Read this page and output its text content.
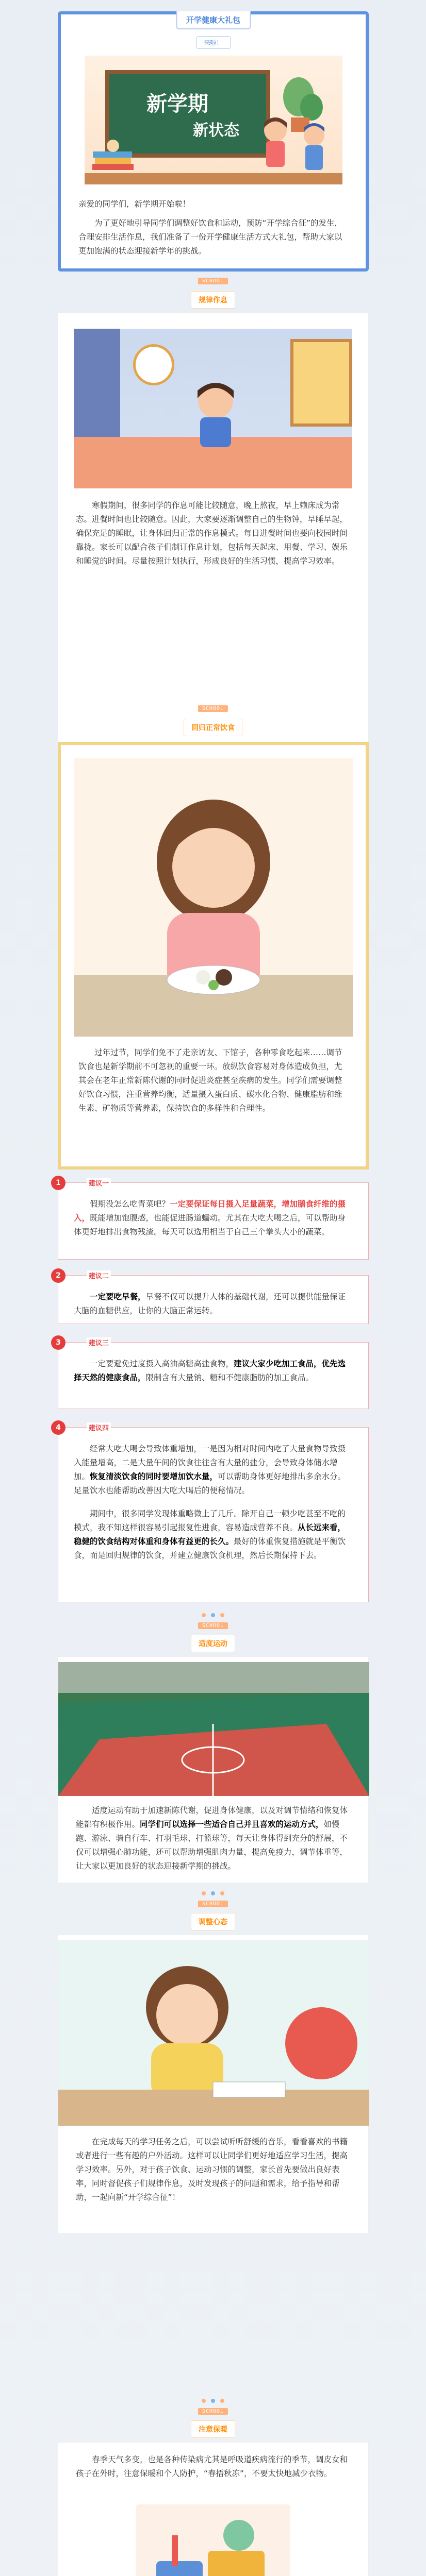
开学健康大礼包
来啦！
新学期
新状态
亲爱的同学们，新学期开始啦！
为了更好地引导同学们调整好饮食和运动，预防“开学综合征”的发生，合理安排生活作息，我们准备了一份开学健康生活方式大礼包，帮助大家以更加饱满的状态迎接新学年的挑战。
SCHOOL
规律作息
寒假期间，很多同学的作息可能比较随意，晚上熬夜，早上赖床成为常态。进餐时间也比较随意。因此，大家要逐渐调整自己的生物钟，早睡早起，确保充足的睡眠，让身体回归正常的作息模式。每日进餐时间也要向校园时间靠拢。家长可以配合孩子们制订作息计划，包括每天起床、用餐、学习、娱乐和睡觉的时间。尽量按照计划执行，形成良好的生活习惯，提高学习效率。
SCHOOL
回归正常饮食
过年过节，同学们免不了走亲访友、下馆子，各种零食吃起来……调节饮食也是新学期前不可忽视的重要一环。放纵饮食容易对身体造成负担，尤其会在老年正常新陈代谢的同时促进炎症甚至疾病的发生。同学们需要调整好饮食习惯，注重营养均衡，适量摄入蛋白质、碳水化合物、健康脂肪和维生素、矿物质等营养素，保持饮食的多样性和合理性。
1	建议一
假期没怎么吃青菜吧？一定要保证每日摄入足量蔬菜，增加膳食纤维的摄入，既能增加饱腹感，也能促进肠道蠕动。尤其在大吃大喝之后，可以帮助身体更好地排出食物残渣。每天可以选用相当于自己三个拳头大小的蔬菜。
2	建议二
一定要吃早餐，早餐不仅可以提升人体的基础代谢，还可以提供能量保证大脑的血糖供应，让你的大脑正常运转。
3	建议三
一定要避免过度摄入高油高糖高盐食物，建议大家少吃加工食品，优先选择天然的健康食品，限制含有大量钠、糖和不健康脂肪的加工食品。
4	建议四
经常大吃大喝会导致体重增加，一是因为相对时间内吃了大量食物导致摄入能量增高，二是大量午间的饮食往往含有大量的盐分，会导致身体储水增加。恢复清淡饮食的同时要增加饮水量，可以帮助身体更好地排出多余水分。足量饮水也能帮助改善因大吃大喝后的便秘情况。
期间中，很多同学发现体重略微上了几斤。除开自己一顿少吃甚至不吃的模式，我不知这样很容易引起报复性进食，容易造成营养不良。从长远来看，稳健的饮食结构对体重和身体有益更的长久。最好的体重恢复措施就是平衡饮食，而是回归规律的饮食，并建立健康饮食机理，然后长期保持下去。
SCHOOL
适度运动
适度运动有助于加速新陈代谢，促进身体健康，以及对调节情绪和恢复体能都有积极作用。同学们可以选择一些适合自己并且喜欢的运动方式，如慢跑、游泳、骑自行车、打羽毛球、打篮球等，每天让身体得到充分的舒展，不仅可以增强心肺功能，还可以帮助增强肌肉力量，提高免疫力，调节体重等，让大家以更加良好的状态迎接新学期的挑战。
SCHOOL
调整心态
在完成每天的学习任务之后，可以尝试听听舒缓的音乐，看看喜欢的书籍或者进行一些有趣的户外活动。这样可以让同学们更好地适应学习生活，提高学习效率。另外，对于孩子饮食、运动习惯的调整，家长首先要做出良好表率，同时督促孩子们规律作息，及时发现孩子的问题和需求，给予指导和帮助，一起向新“开学综合征”！
SCHOOL
注意保暖
春季天气多变，也是各种传染病尤其是呼吸道疾病流行的季节，调皮女和孩子在外时，注意保暖和个人防护，“春捂秋冻”，不要太快地减少衣物。
